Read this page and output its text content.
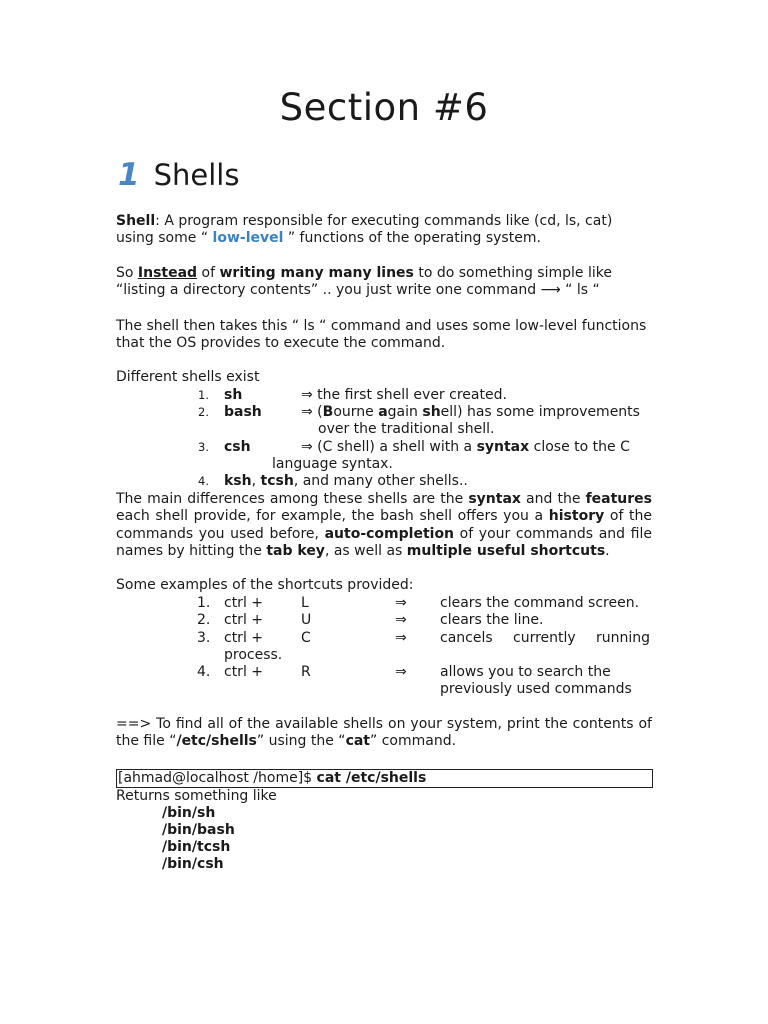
Section #6
1 Shells
Shell: A program responsible for executing commands like (cd, ls, cat) using some “ low-level ” functions of the operating system.
So Instead of writing many many lines to do something simple like “listing a directory contents” .. you just write one command ⟶ “ ls “
The shell then takes this “ ls “ command and uses some low-level functions that the OS provides to execute the command.
Different shells exist
1. sh	⇒ the first shell ever created.
2. bash	⇒ (Bourne again shell) has some improvements
over the traditional shell.
3. csh	⇒ (C shell) a shell with a syntax close to the C
language syntax.
4. ksh, tcsh, and many other shells..
The main differences among these shells are the syntax and the features each shell provide, for example, the bash shell offers you a history of the commands you used before, auto-completion of your commands and file names by hitting the tab key, as well as multiple useful shortcuts.
Some examples of the shortcuts provided:
1. ctrl +	L	⇒ clears the command screen.
2. ctrl +	U	⇒ clears the line.
3. ctrl +	C	⇒ cancels currently running
process.
4. ctrl +	R	⇒ allows you to search the
previously used commands
==> To find all of the available shells on your system, print the contents of the file “/etc/shells” using the “cat” command.
[ahmad@localhost /home]$ cat /etc/shells
Returns something like
/bin/sh
/bin/bash
/bin/tcsh
/bin/csh
